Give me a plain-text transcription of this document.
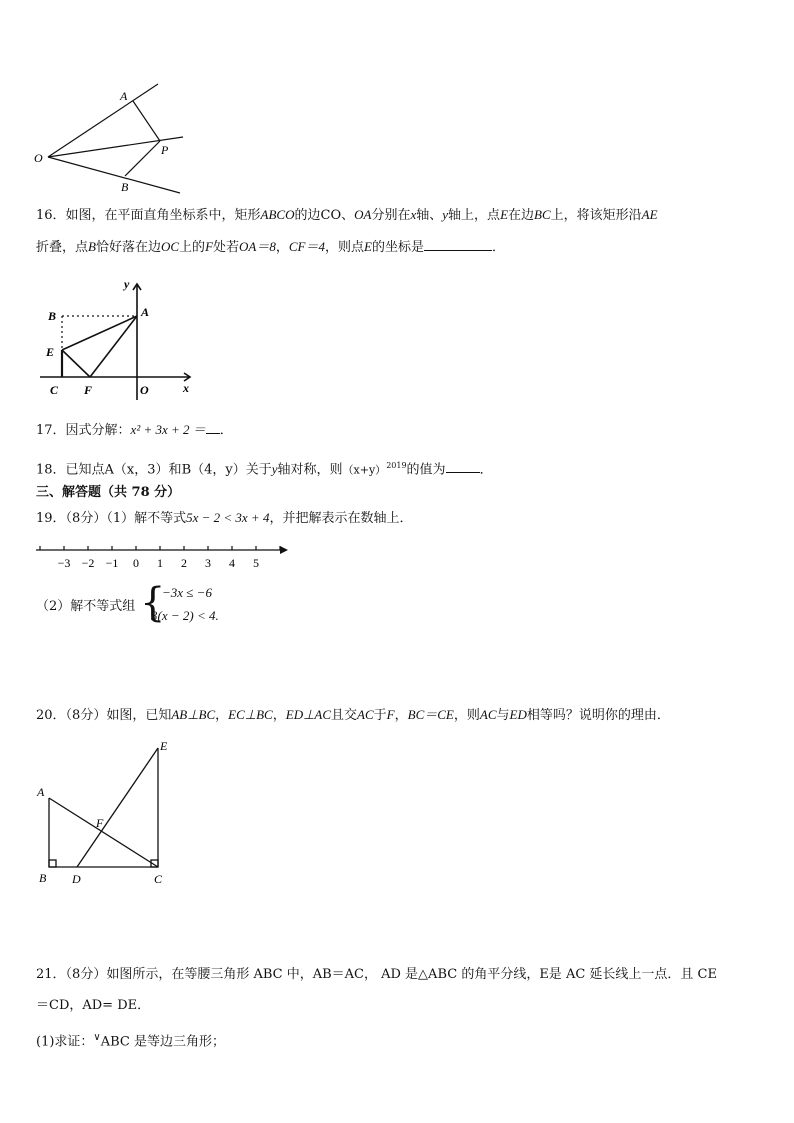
O
A
P
B
16．如图，在平面直角坐标系中，矩形ABCO的边CO、OA分别在x轴、y轴上，点E在边BC上，将该矩形沿AE
折叠，点B恰好落在边OC上的F处若OA＝8，CF＝4，则点E的坐标是	．
y
x
B	A
E
C F	O
17．因式分解：x² + 3x + 2 ＝ ．
18．已知点A（x，3）和B（4，y）关于y轴对称，则$(x+y)^{2019}$的值为	．
三、解答题（共 78 分）
19．（8分）（1）解不等式5x − 2 < 3x + 4，并把解表示在数轴上．
−3 −2 −1 0 1 2 3 4 5
（2）解不等式组 {
−3x ≤ −6
3(x − 2) < 4.
20．（8分）如图，已知AB⊥BC，EC⊥BC，ED⊥AC且交AC于F，BC＝CE，则AC与ED相等吗？说明你的理由．
E
A
F
B D	C
21．（8分）如图所示，在等腰三角形 ABC 中，AB＝AC， AD 是△ABC 的角平分线，E是 AC 延长线上一点．且 CE
＝CD，AD= DE．
(1)求证：∨ABC 是等边三角形；
